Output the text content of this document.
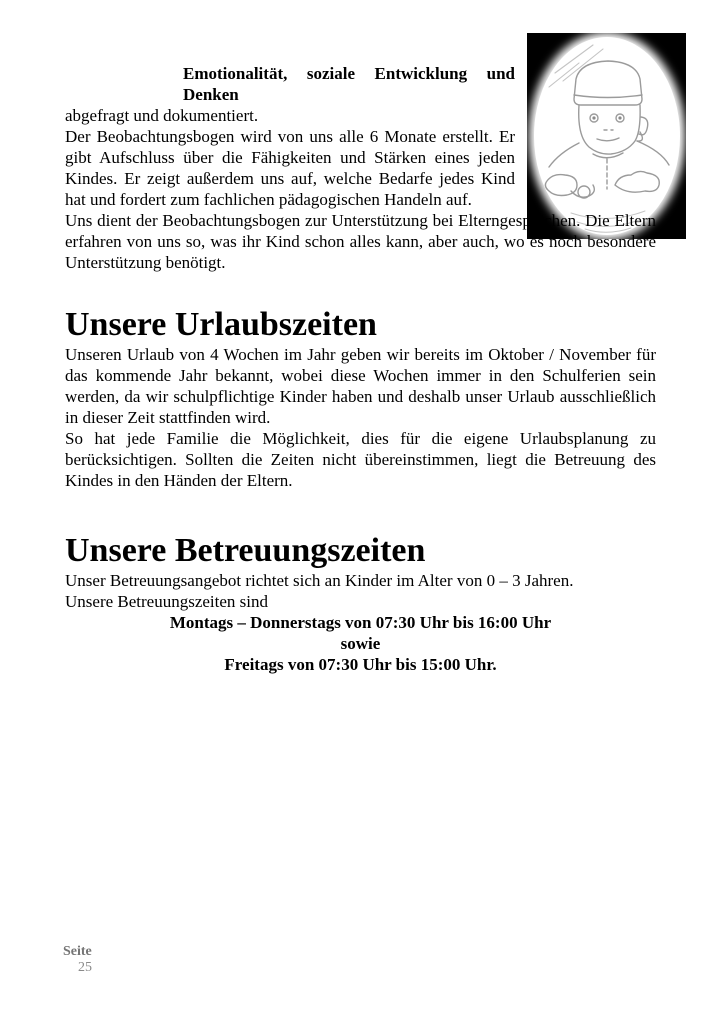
Emotionalität, soziale Entwicklung und Denken

abgefragt und dokumentiert.

Der Beobachtungsbogen wird von uns alle 6 Monate erstellt. Er gibt Aufschluss über die Fähigkeiten und Stärken eines jeden Kindes. Er zeigt außerdem uns auf, welche Bedarfe jedes Kind hat und fordert zum fachlichen pädagogischen Handeln auf.

Uns dient der Beobachtungsbogen zur Unterstützung bei Elterngesprächen. Die Eltern erfahren von uns so, was ihr Kind schon alles kann, aber auch, wo es noch besondere Unterstützung benötigt.

Unsere Urlaubszeiten

Unseren Urlaub von 4 Wochen im Jahr geben wir bereits im Oktober / November für das kommende Jahr bekannt, wobei diese Wochen immer in den Schulferien sein werden, da wir schulpflichtige Kinder haben und deshalb unser Urlaub ausschließlich in dieser Zeit stattfinden wird.

So hat jede Familie die Möglichkeit, dies für die eigene Urlaubsplanung zu berücksichtigen. Sollten die Zeiten nicht übereinstimmen, liegt die Betreuung des Kindes in den Händen der Eltern.

Unsere Betreuungszeiten

Unser Betreuungsangebot richtet sich an Kinder im Alter von 0 – 3 Jahren.

Unsere Betreuungszeiten sind

Montags – Donnerstags von 07:30 Uhr bis 16:00 Uhr

sowie

Freitags von 07:30 Uhr bis 15:00 Uhr.

Seite
25
